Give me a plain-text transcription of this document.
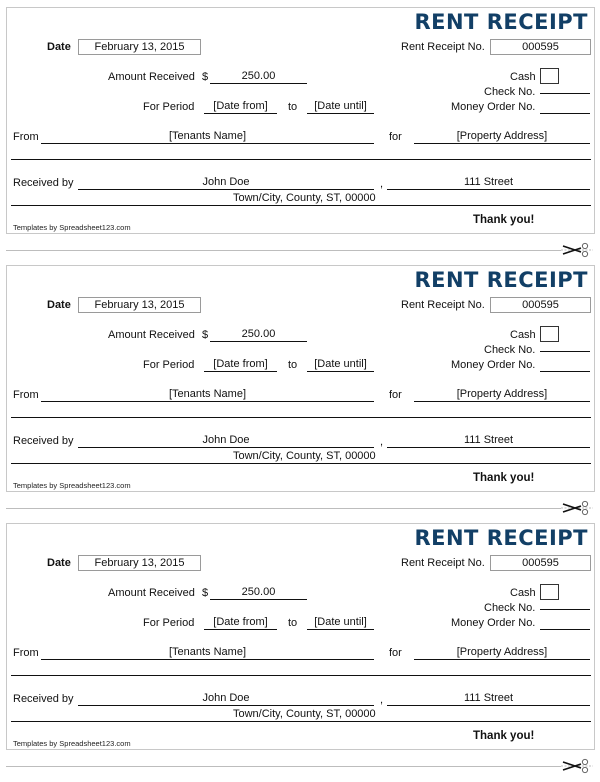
RENT RECEIPT
Date	February 13, 2015	Rent Receipt No.	000595
Amount Received $	250.00	Cash
Check No.
For Period	[Date from]	to	[Date until]	Money Order No.
From	[Tenants Name]	for	[Property Address]
Received by	John Doe	,	111 Street
Town/City, County, ST, 00000
Thank you!
Templates by Spreadsheet123.com
RENT RECEIPT
Date	February 13, 2015	Rent Receipt No.	000595
Amount Received $	250.00	Cash
Check No.
For Period	[Date from]	to	[Date until]	Money Order No.
From	[Tenants Name]	for	[Property Address]
Received by	John Doe	,	111 Street
Town/City, County, ST, 00000
Thank you!
Templates by Spreadsheet123.com
RENT RECEIPT
Date	February 13, 2015	Rent Receipt No.	000595
Amount Received $	250.00	Cash
Check No.
For Period	[Date from]	to	[Date until]	Money Order No.
From	[Tenants Name]	for	[Property Address]
Received by	John Doe	,	111 Street
Town/City, County, ST, 00000
Thank you!
Templates by Spreadsheet123.com
